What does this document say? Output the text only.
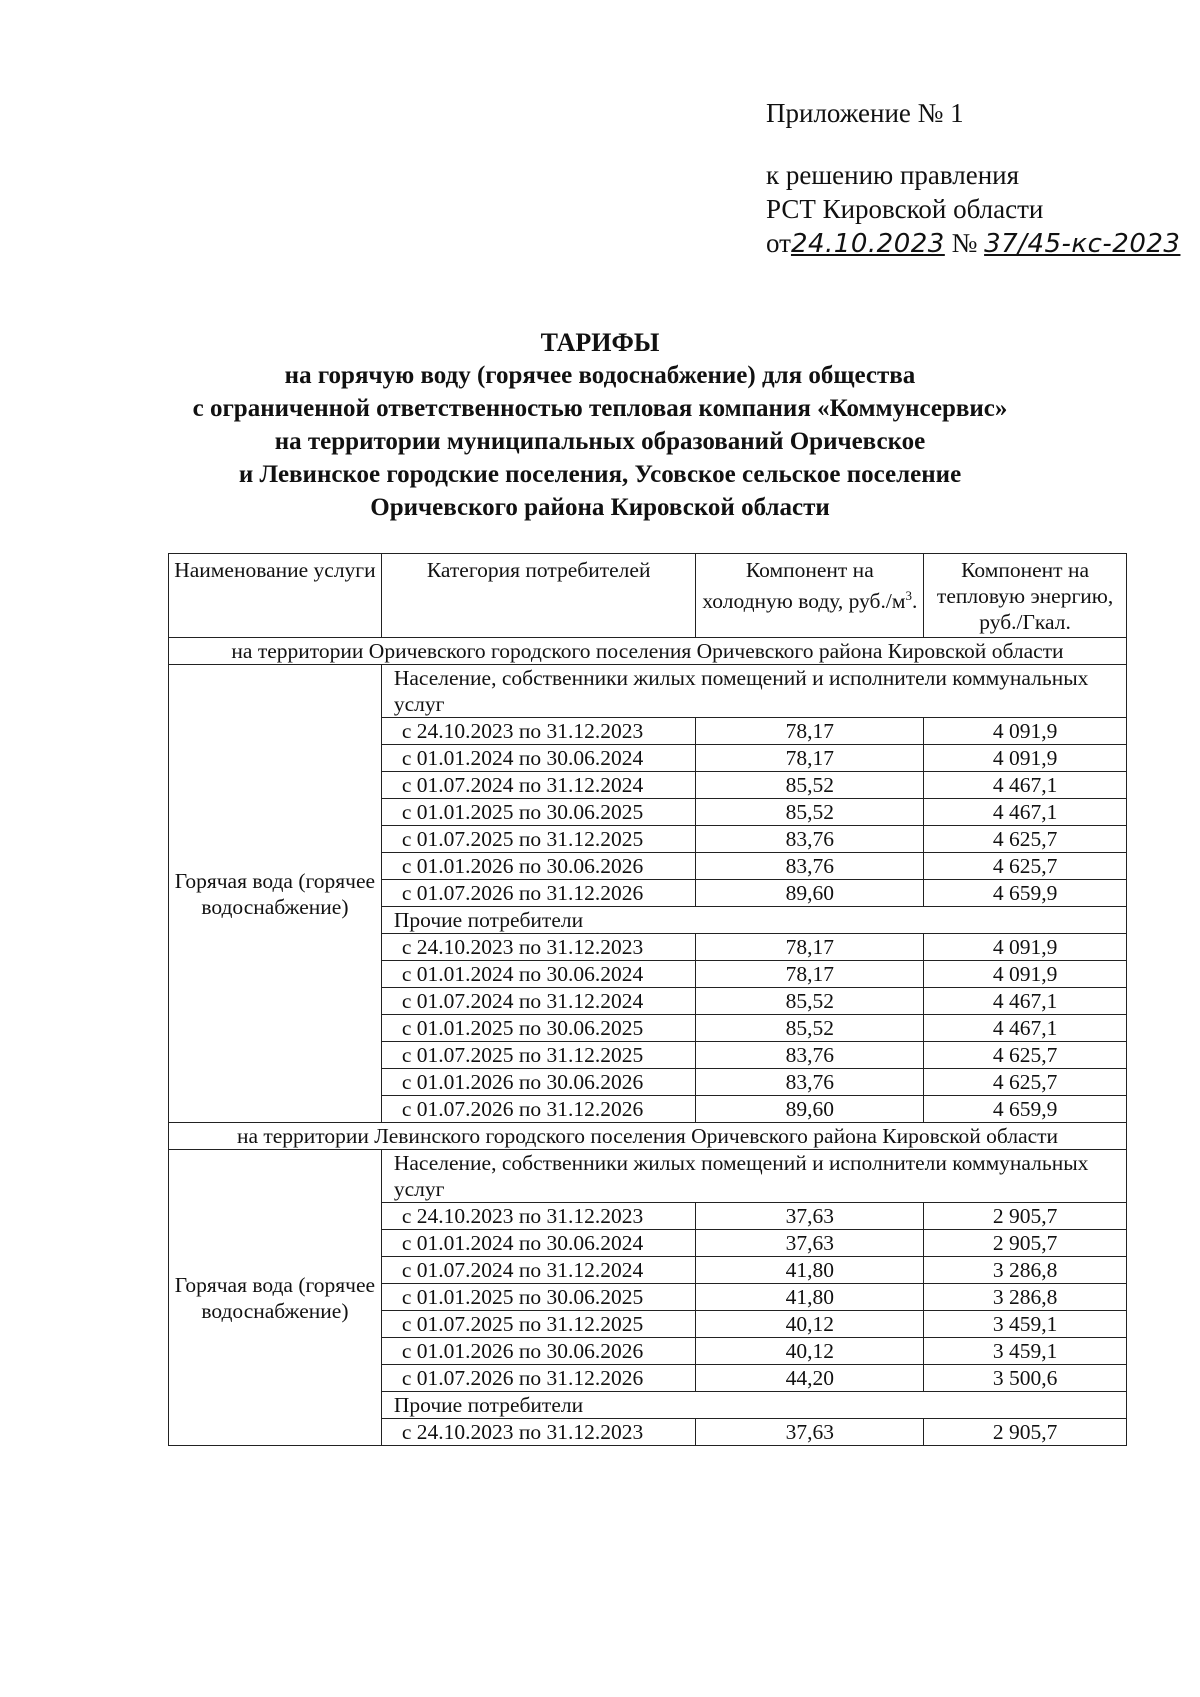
Приложение № 1
к решению правления
РСТ Кировской области
от24.10.2023 № 37/45-кс-2023
ТАРИФЫ
на горячую воду (горячее водоснабжение) для общества
с ограниченной ответственностью тепловая компания «Коммунсервис»
на территории муниципальных образований Оричевское
и Левинское городские поселения, Усовское сельское поселение
Оричевского района Кировской области
Наименование услуги	Категория потребителей	Компонент на холодную воду, $руб./м^3$.	Компонент на тепловую энергию, руб./Гкал.
на территории Оричевского городского поселения Оричевского района Кировской области			
Горячая вода (горячее водоснабжение)	Население, собственники жилых помещений и исполнители коммунальных услуг		
	с 24.10.2023 по 31.12.2023	78,17	4 091,9
	с 01.01.2024 по 30.06.2024	78,17	4 091,9
	с 01.07.2024 по 31.12.2024	85,52	4 467,1
	с 01.01.2025 по 30.06.2025	85,52	4 467,1
	с 01.07.2025 по 31.12.2025	83,76	4 625,7
	с 01.01.2026 по 30.06.2026	83,76	4 625,7
	с 01.07.2026 по 31.12.2026	89,60	4 659,9
	Прочие потребители		
	с 24.10.2023 по 31.12.2023	78,17	4 091,9
	с 01.01.2024 по 30.06.2024	78,17	4 091,9
	с 01.07.2024 по 31.12.2024	85,52	4 467,1
	с 01.01.2025 по 30.06.2025	85,52	4 467,1
	с 01.07.2025 по 31.12.2025	83,76	4 625,7
	с 01.01.2026 по 30.06.2026	83,76	4 625,7
	с 01.07.2026 по 31.12.2026	89,60	4 659,9
на территории Левинского городского поселения Оричевского района Кировской области			
Горячая вода (горячее водоснабжение)	Население, собственники жилых помещений и исполнители коммунальных услуг		
	с 24.10.2023 по 31.12.2023	37,63	2 905,7
	с 01.01.2024 по 30.06.2024	37,63	2 905,7
	с 01.07.2024 по 31.12.2024	41,80	3 286,8
	с 01.01.2025 по 30.06.2025	41,80	3 286,8
	с 01.07.2025 по 31.12.2025	40,12	3 459,1
	с 01.01.2026 по 30.06.2026	40,12	3 459,1
	с 01.07.2026 по 31.12.2026	44,20	3 500,6
	Прочие потребители		
	с 24.10.2023 по 31.12.2023	37,63	2 905,7
